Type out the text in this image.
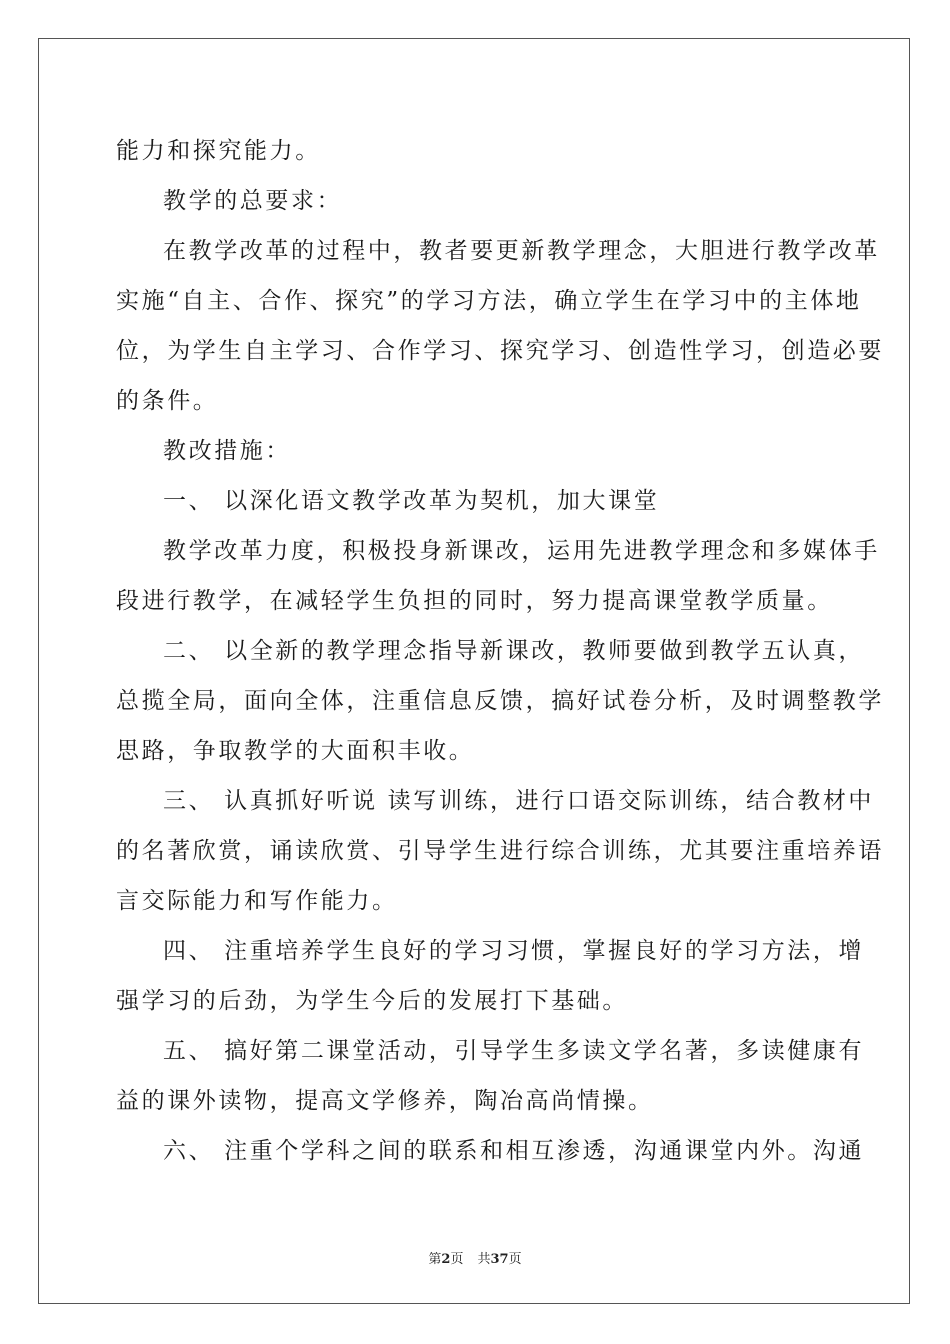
能力和探究能力。
教学的总要求：
在教学改革的过程中，教者要更新教学理念，大胆进行教学改革
实施“自主、合作、探究”的学习方法，确立学生在学习中的主体地
位，为学生自主学习、合作学习、探究学习、创造性学习，创造必要
的条件。
教改措施：
一、 以深化语文教学改革为契机，加大课堂
教学改革力度，积极投身新课改，运用先进教学理念和多媒体手
段进行教学，在减轻学生负担的同时，努力提高课堂教学质量。
二、 以全新的教学理念指导新课改，教师要做到教学五认真，
总揽全局，面向全体，注重信息反馈，搞好试卷分析，及时调整教学
思路，争取教学的大面积丰收。
三、 认真抓好听说 读写训练，进行口语交际训练，结合教材中
的名著欣赏，诵读欣赏、引导学生进行综合训练，尤其要注重培养语
言交际能力和写作能力。
四、 注重培养学生良好的学习习惯，掌握良好的学习方法，增
强学习的后劲，为学生今后的发展打下基础。
五、 搞好第二课堂活动，引导学生多读文学名著，多读健康有
益的课外读物，提高文学修养，陶冶高尚情操。
六、 注重个学科之间的联系和相互渗透，沟通课堂内外。沟通
第2页 共37页
